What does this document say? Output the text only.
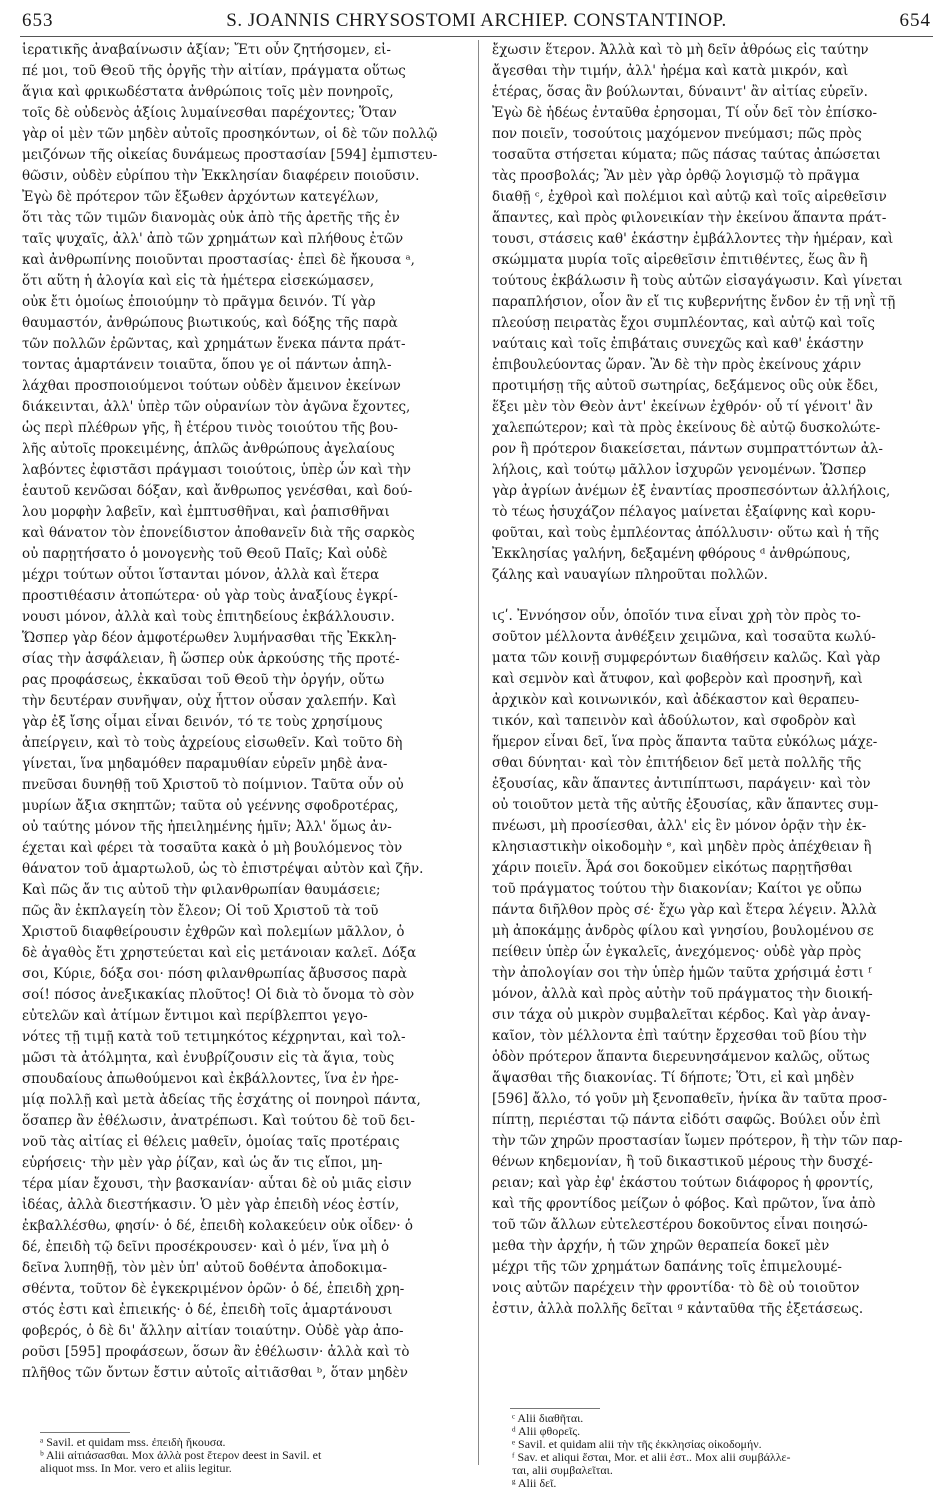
653	S. JOANNIS CHRYSOSTOMI ARCHIEP. CONSTANTINOP.	654
ἱερατικῆς ἀναβαίνωσιν ἀξίαν; Ἔτι οὖν ζητήσομεν, εἰ-
πέ μοι, τοῦ Θεοῦ τῆς ὀργῆς τὴν αἰτίαν, πράγματα οὕτως
ἅγια καὶ φρικωδέστατα ἀνθρώποις τοῖς μὲν πονηροῖς,
τοῖς δὲ οὐδενὸς ἀξίοις λυμαίνεσθαι παρέχοντες; Ὅταν
γὰρ οἱ μὲν τῶν μηδὲν αὐτοῖς προσηκόντων, οἱ δὲ τῶν πολλῷ
μειζόνων τῆς οἰκείας δυνάμεως προστασίαν [594] ἐμπιστευ-
θῶσιν, οὐδὲν εὐρίπου τὴν Ἐκκλησίαν διαφέρειν ποιοῦσιν.
Ἐγὼ δὲ πρότερον τῶν ἔξωθεν ἀρχόντων κατεγέλων,
ὅτι τὰς τῶν τιμῶν διανομὰς οὐκ ἀπὸ τῆς ἀρετῆς τῆς ἐν
ταῖς ψυχαῖς, ἀλλ' ἀπὸ τῶν χρημάτων καὶ πλήθους ἐτῶν
καὶ ἀνθρωπίνης ποιοῦνται προστασίας· ἐπεὶ δὲ ἤκουσα ᵃ,
ὅτι αὕτη ἡ ἀλογία καὶ εἰς τὰ ἡμέτερα εἰσεκώμασεν,
οὐκ ἔτι ὁμοίως ἐποιούμην τὸ πρᾶγμα δεινόν. Τί γὰρ
θαυμαστόν, ἀνθρώπους βιωτικούς, καὶ δόξης τῆς παρὰ
τῶν πολλῶν ἐρῶντας, καὶ χρημάτων ἕνεκα πάντα πράτ-
τοντας ἁμαρτάνειν τοιαῦτα, ὅπου γε οἱ πάντων ἀπηλ-
λάχθαι προσποιούμενοι τούτων οὐδὲν ἄμεινον ἐκείνων
διάκεινται, ἀλλ' ὑπὲρ τῶν οὐρανίων τὸν ἀγῶνα ἔχοντες,
ὡς περὶ πλέθρων γῆς, ἢ ἑτέρου τινὸς τοιούτου τῆς βου-
λῆς αὐτοῖς προκειμένης, ἁπλῶς ἀνθρώπους ἀγελαίους
λαβόντες ἐφιστᾶσι πράγμασι τοιούτοις, ὑπὲρ ὧν καὶ τὴν
ἑαυτοῦ κενῶσαι δόξαν, καὶ ἄνθρωπος γενέσθαι, καὶ δού-
λου μορφὴν λαβεῖν, καὶ ἐμπτυσθῆναι, καὶ ῥαπισθῆναι
καὶ θάνατον τὸν ἐπονείδιστον ἀποθανεῖν διὰ τῆς σαρκὸς
οὐ παρῃτήσατο ὁ μονογενὴς τοῦ Θεοῦ Παῖς; Καὶ οὐδὲ
μέχρι τούτων οὗτοι ἵστανται μόνον, ἀλλὰ καὶ ἕτερα
προστιθέασιν ἀτοπώτερα· οὐ γὰρ τοὺς ἀναξίους ἐγκρί-
νουσι μόνον, ἀλλὰ καὶ τοὺς ἐπιτηδείους ἐκβάλλουσιν.
Ὥσπερ γὰρ δέον ἀμφοτέρωθεν λυμήνασθαι τῆς Ἐκκλη-
σίας τὴν ἀσφάλειαν, ἢ ὥσπερ οὐκ ἀρκούσης τῆς προτέ-
ρας προφάσεως, ἐκκαῦσαι τοῦ Θεοῦ τὴν ὀργήν, οὕτω
τὴν δευτέραν συνῆψαν, οὐχ ἧττον οὖσαν χαλεπήν. Καὶ
γὰρ ἐξ ἴσης οἶμαι εἶναι δεινόν, τό τε τοὺς χρησίμους
ἀπείργειν, καὶ τὸ τοὺς ἀχρείους εἰσωθεῖν. Καὶ τοῦτο δὴ
γίνεται, ἵνα μηδαμόθεν παραμυθίαν εὑρεῖν μηδὲ ἀνα-
πνεῦσαι δυνηθῇ τοῦ Χριστοῦ τὸ ποίμνιον. Ταῦτα οὖν οὐ
μυρίων ἄξια σκηπτῶν; ταῦτα οὐ γεέννης σφοδροτέρας,
οὐ ταύτης μόνον τῆς ἠπειλημένης ἡμῖν; Ἀλλ' ὅμως ἀν-
έχεται καὶ φέρει τὰ τοσαῦτα κακὰ ὁ μὴ βουλόμενος τὸν
θάνατον τοῦ ἁμαρτωλοῦ, ὡς τὸ ἐπιστρέψαι αὐτὸν καὶ ζῆν.
Καὶ πῶς ἄν τις αὐτοῦ τὴν φιλανθρωπίαν θαυμάσειε;
πῶς ἂν ἐκπλαγείη τὸν ἔλεον; Οἱ τοῦ Χριστοῦ τὰ τοῦ
Χριστοῦ διαφθείρουσιν ἐχθρῶν καὶ πολεμίων μᾶλλον, ὁ
δὲ ἀγαθὸς ἔτι χρηστεύεται καὶ εἰς μετάνοιαν καλεῖ. Δόξα
σοι, Κύριε, δόξα σοι· πόση φιλανθρωπίας ἄβυσσος παρὰ
σοί! πόσος ἀνεξικακίας πλοῦτος! Οἱ διὰ τὸ ὄνομα τὸ σὸν
εὐτελῶν καὶ ἀτίμων ἔντιμοι καὶ περίβλεπτοι γεγο-
νότες τῇ τιμῇ κατὰ τοῦ τετιμηκότος κέχρηνται, καὶ τολ-
μῶσι τὰ ἀτόλμητα, καὶ ἐνυβρίζουσιν εἰς τὰ ἅγια, τοὺς
σπουδαίους ἀπωθούμενοι καὶ ἐκβάλλοντες, ἵνα ἐν ἠρε-
μίᾳ πολλῇ καὶ μετὰ ἀδείας τῆς ἐσχάτης οἱ πονηροὶ πάντα,
ὅσαπερ ἂν ἐθέλωσιν, ἀνατρέπωσι. Καὶ τούτου δὲ τοῦ δει-
νοῦ τὰς αἰτίας εἰ θέλεις μαθεῖν, ὁμοίας ταῖς προτέραις
εὑρήσεις· τὴν μὲν γὰρ ῥίζαν, καὶ ὡς ἄν τις εἴποι, μη-
τέρα μίαν ἔχουσι, τὴν βασκανίαν· αὗται δὲ οὐ μιᾶς εἰσιν
ἰδέας, ἀλλὰ διεστήκασιν. Ὁ μὲν γὰρ ἐπειδὴ νέος ἐστίν,
ἐκβαλλέσθω, φησίν· ὁ δέ, ἐπειδὴ κολακεύειν οὐκ οἶδεν· ὁ
δέ, ἐπειδὴ τῷ δεῖνι προσέκρουσεν· καὶ ὁ μέν, ἵνα μὴ ὁ
δεῖνα λυπηθῇ, τὸν μὲν ὑπ' αὐτοῦ δοθέντα ἀποδοκιμα-
σθέντα, τοῦτον δὲ ἐγκεκριμένον ὁρῶν· ὁ δέ, ἐπειδὴ χρη-
στός ἐστι καὶ ἐπιεικής· ὁ δέ, ἐπειδὴ τοῖς ἁμαρτάνουσι
φοβερός, ὁ δὲ δι' ἄλλην αἰτίαν τοιαύτην. Οὐδὲ γὰρ ἀπο-
ροῦσι [595] προφάσεων, ὅσων ἂν ἐθέλωσιν· ἀλλὰ καὶ τὸ
πλῆθος τῶν ὄντων ἔστιν αὐτοῖς αἰτιᾶσθαι ᵇ, ὅταν μηδὲν
ἔχωσιν ἕτερον. Ἀλλὰ καὶ τὸ μὴ δεῖν ἀθρόως εἰς ταύτην
ἄγεσθαι τὴν τιμήν, ἀλλ' ἠρέμα καὶ κατὰ μικρόν, καὶ
ἑτέρας, ὅσας ἂν βούλωνται, δύναιντ' ἂν αἰτίας εὑρεῖν.
Ἐγὼ δὲ ἡδέως ἐνταῦθα ἐρησομαι, Τί οὖν δεῖ τὸν ἐπίσκο-
πον ποιεῖν, τοσούτοις μαχόμενον πνεύμασι; πῶς πρὸς
τοσαῦτα στήσεται κύματα; πῶς πάσας ταύτας ἀπώσεται
τὰς προσβολάς; Ἂν μὲν γὰρ ὀρθῷ λογισμῷ τὸ πρᾶγμα
διαθῇ ᶜ, ἐχθροὶ καὶ πολέμιοι καὶ αὐτῷ καὶ τοῖς αἱρεθεῖσιν
ἅπαντες, καὶ πρὸς φιλονεικίαν τὴν ἐκείνου ἅπαντα πράτ-
τουσι, στάσεις καθ' ἑκάστην ἐμβάλλοντες τὴν ἡμέραν, καὶ
σκώμματα μυρία τοῖς αἱρεθεῖσιν ἐπιτιθέντες, ἕως ἂν ἢ
τούτους ἐκβάλωσιν ἢ τοὺς αὑτῶν εἰσαγάγωσιν. Καὶ γίνεται
παραπλήσιον, οἷον ἂν εἴ τις κυβερνήτης ἔνδον ἐν τῇ νηῒ τῇ
πλεούσῃ πειρατὰς ἔχοι συμπλέοντας, καὶ αὐτῷ καὶ τοῖς
ναύταις καὶ τοῖς ἐπιβάταις συνεχῶς καὶ καθ' ἑκάστην
ἐπιβουλεύοντας ὥραν. Ἂν δὲ τὴν πρὸς ἐκείνους χάριν
προτιμήσῃ τῆς αὐτοῦ σωτηρίας, δεξάμενος οὓς οὐκ ἔδει,
ἕξει μὲν τὸν Θεὸν ἀντ' ἐκείνων ἐχθρόν· οὗ τί γένοιτ' ἂν
χαλεπώτερον; καὶ τὰ πρὸς ἐκείνους δὲ αὐτῷ δυσκολώτε-
ρον ἢ πρότερον διακείσεται, πάντων συμπραττόντων ἀλ-
λήλοις, καὶ τούτῳ μᾶλλον ἰσχυρῶν γενομένων. Ὥσπερ
γὰρ ἀγρίων ἀνέμων ἐξ ἐναντίας προσπεσόντων ἀλλήλοις,
τὸ τέως ἡσυχάζον πέλαγος μαίνεται ἐξαίφνης καὶ κορυ-
φοῦται, καὶ τοὺς ἐμπλέοντας ἀπόλλυσιν· οὕτω καὶ ἡ τῆς
Ἐκκλησίας γαλήνη, δεξαμένη φθόρους ᵈ ἀνθρώπους,
ζάλης καὶ ναυαγίων πληροῦται πολλῶν.
ιϛʹ. Ἐννόησον οὖν, ὁποῖόν τινα εἶναι χρὴ τὸν πρὸς το-
σοῦτον μέλλοντα ἀνθέξειν χειμῶνα, καὶ τοσαῦτα κωλύ-
ματα τῶν κοινῇ συμφερόντων διαθήσειν καλῶς. Καὶ γὰρ
καὶ σεμνὸν καὶ ἄτυφον, καὶ φοβερὸν καὶ προσηνῆ, καὶ
ἀρχικὸν καὶ κοινωνικόν, καὶ ἀδέκαστον καὶ θεραπευ-
τικόν, καὶ ταπεινὸν καὶ ἀδούλωτον, καὶ σφοδρὸν καὶ
ἥμερον εἶναι δεῖ, ἵνα πρὸς ἅπαντα ταῦτα εὐκόλως μάχε-
σθαι δύνηται· καὶ τὸν ἐπιτήδειον δεῖ μετὰ πολλῆς τῆς
ἐξουσίας, κἂν ἅπαντες ἀντιπίπτωσι, παράγειν· καὶ τὸν
οὐ τοιοῦτον μετὰ τῆς αὐτῆς ἐξουσίας, κἂν ἅπαντες συμ-
πνέωσι, μὴ προσίεσθαι, ἀλλ' εἰς ἓν μόνον ὁρᾷν τὴν ἐκ-
κλησιαστικὴν οἰκοδομὴν ᵉ, καὶ μηδὲν πρὸς ἀπέχθειαν ἢ
χάριν ποιεῖν. Ἆρά σοι δοκοῦμεν εἰκότως παρῃτῆσθαι
τοῦ πράγματος τούτου τὴν διακονίαν; Καίτοι γε οὔπω
πάντα διῆλθον πρὸς σέ· ἔχω γὰρ καὶ ἕτερα λέγειν. Ἀλλὰ
μὴ ἀποκάμῃς ἀνδρὸς φίλου καὶ γνησίου, βουλομένου σε
πείθειν ὑπὲρ ὧν ἐγκαλεῖς, ἀνεχόμενος· οὐδὲ γὰρ πρὸς
τὴν ἀπολογίαν σοι τὴν ὑπὲρ ἡμῶν ταῦτα χρήσιμά ἐστι ᶠ
μόνον, ἀλλὰ καὶ πρὸς αὐτὴν τοῦ πράγματος τὴν διοική-
σιν τάχα οὐ μικρὸν συμβαλεῖται κέρδος. Καὶ γὰρ ἀναγ-
καῖον, τὸν μέλλοντα ἐπὶ ταύτην ἔρχεσθαι τοῦ βίου τὴν
ὁδὸν πρότερον ἅπαντα διερευνησάμενον καλῶς, οὕτως
ἅψασθαι τῆς διακονίας. Τί δήποτε; Ὅτι, εἰ καὶ μηδὲν
[596] ἄλλο, τό γοῦν μὴ ξενοπαθεῖν, ἡνίκα ἂν ταῦτα προσ-
πίπτῃ, περιέσται τῷ πάντα εἰδότι σαφῶς. Βούλει οὖν ἐπὶ
τὴν τῶν χηρῶν προστασίαν ἴωμεν πρότερον, ἢ τὴν τῶν παρ-
θένων κηδεμονίαν, ἢ τοῦ δικαστικοῦ μέρους τὴν δυσχέ-
ρειαν; καὶ γὰρ ἐφ' ἑκάστου τούτων διάφορος ἡ φροντίς,
καὶ τῆς φροντίδος μείζων ὁ φόβος. Καὶ πρῶτον, ἵνα ἀπὸ
τοῦ τῶν ἄλλων εὐτελεστέρου δοκοῦντος εἶναι ποιησώ-
μεθα τὴν ἀρχήν, ἡ τῶν χηρῶν θεραπεία δοκεῖ μὲν
μέχρι τῆς τῶν χρημάτων δαπάνης τοῖς ἐπιμελουμέ-
νοις αὐτῶν παρέχειν τὴν φροντίδα· τὸ δὲ οὐ τοιοῦτον
ἐστιν, ἀλλὰ πολλῆς δεῖται ᵍ κἀνταῦθα τῆς ἐξετάσεως.
ᵃ Savil. et quidam mss. ἐπειδὴ ἤκουσα.
ᵇ Alii αἰτιάσασθαι. Mox ἀλλὰ post ἕτερον deest in Savil. et
aliquot mss. In Mor. vero et aliis legitur.
ᶜ Alii διαθῆται.
ᵈ Alii φθορεῖς.
ᵉ Savil. et quidam alii τὴν τῆς ἐκκλησίας οἰκοδομήν.
ᶠ Sav. et aliqui ἔσται, Mor. et alii ἐστ.. Mox alii συμβάλλε-
ται, alii συμβαλεῖται.
ᵍ Alii δεῖ.
